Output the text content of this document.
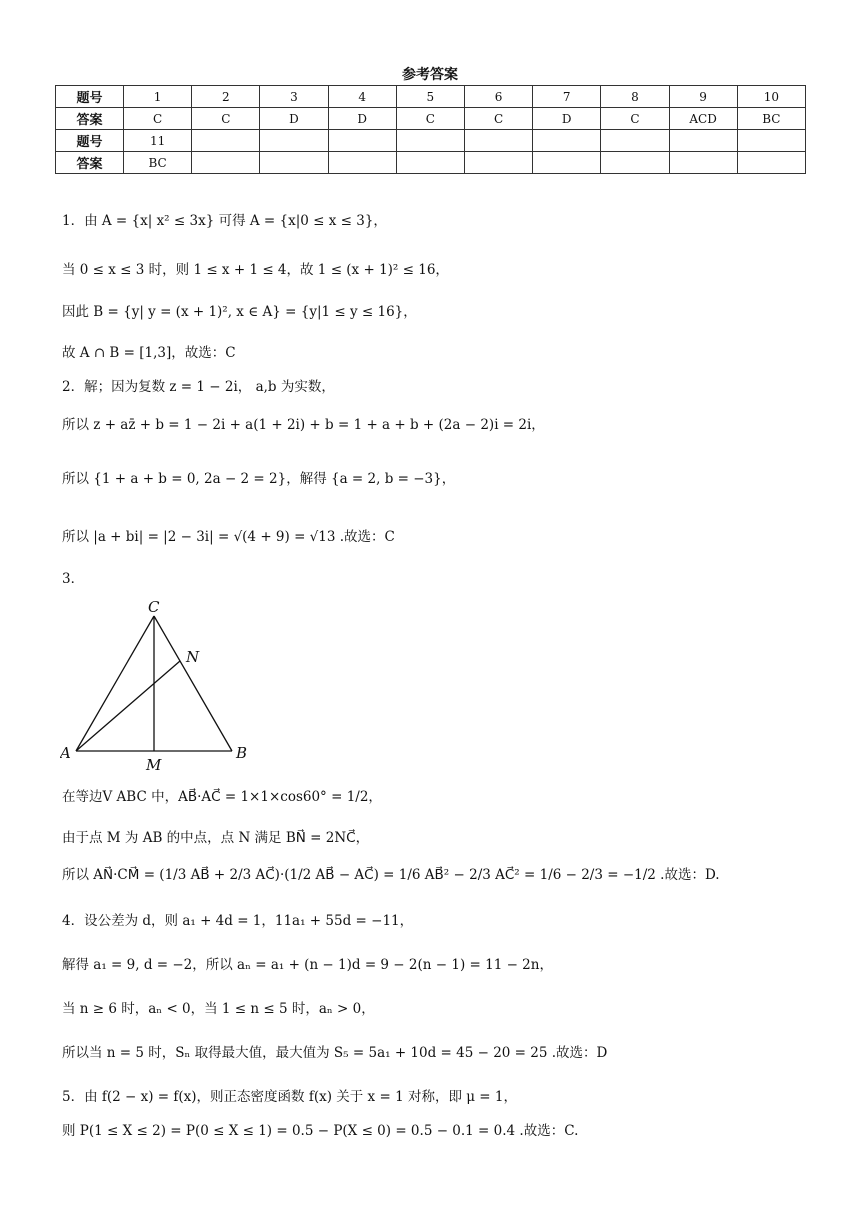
参考答案
题号	1	2	3	4	5	6	7	8	9	10
答案	C	C	D	D	C	C	D	C	ACD	BC
题号	11									
答案	BC									
1．由 A = {x| x² ≤ 3x} 可得 A = {x|0 ≤ x ≤ 3}，
当 0 ≤ x ≤ 3 时，则 1 ≤ x + 1 ≤ 4，故 1 ≤ (x + 1)² ≤ 16，
因此 B = {y| y = (x + 1)², x ∈ A} = {y|1 ≤ y ≤ 16}，
故 A ∩ B = [1,3]，故选：C
2．解；因为复数 z = 1 − 2i， a,b 为实数，
所以 z + az̄ + b = 1 − 2i + a(1 + 2i) + b = 1 + a + b + (2a − 2)i = 2i，
所以 {1 + a + b = 0, 2a − 2 = 2}，解得 {a = 2, b = −3}，
所以 |a + bi| = |2 − 3i| = √(4 + 9) = √13 .故选：C
3．
C
N
A
M
B
在等边V ABC 中，AB⃗·AC⃗ = 1×1×cos60° = 1/2，
由于点 M 为 AB 的中点，点 N 满足 BN⃗ = 2NC⃗，
所以 AN⃗·CM⃗ = (1/3 AB⃗ + 2/3 AC⃗)·(1/2 AB⃗ − AC⃗) = 1/6 AB⃗² − 2/3 AC⃗² = 1/6 − 2/3 = −1/2 .故选：D.
4．设公差为 d，则 a₁ + 4d = 1，11a₁ + 55d = −11，
解得 a₁ = 9, d = −2，所以 aₙ = a₁ + (n − 1)d = 9 − 2(n − 1) = 11 − 2n，
当 n ≥ 6 时，aₙ < 0，当 1 ≤ n ≤ 5 时，aₙ > 0，
所以当 n = 5 时，Sₙ 取得最大值，最大值为 S₅ = 5a₁ + 10d = 45 − 20 = 25 .故选：D
5．由 f(2 − x) = f(x)，则正态密度函数 f(x) 关于 x = 1 对称，即 μ = 1，
则 P(1 ≤ X ≤ 2) = P(0 ≤ X ≤ 1) = 0.5 − P(X ≤ 0) = 0.5 − 0.1 = 0.4 .故选：C.
